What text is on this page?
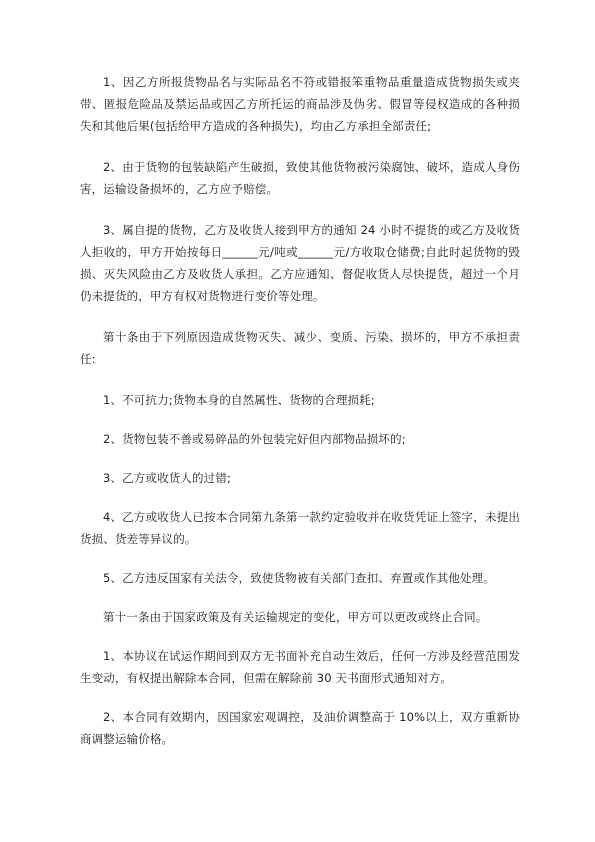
1、因乙方所报货物品名与实际品名不符或错报笨重物品重量造成货物损失或夹带、匿报危险品及禁运品或因乙方所托运的商品涉及伪劣、假冒等侵权造成的各种损失和其他后果(包括给甲方造成的各种损失)，均由乙方承担全部责任;

2、由于货物的包装缺陷产生破损，致使其他货物被污染腐蚀、破坏，造成人身伤害，运输设备损坏的，乙方应予赔偿。

3、属自提的货物，乙方及收货人接到甲方的通知 24 小时不提货的或乙方及收货人拒收的，甲方开始按每日______元/吨或______元/方收取仓储费;自此时起货物的毁损、灭失风险由乙方及收货人承担。乙方应通知、督促收货人尽快提货，超过一个月仍未提货的，甲方有权对货物进行变价等处理。

第十条由于下列原因造成货物灭失、减少、变质、污染、损坏的，甲方不承担责任:

1、不可抗力;货物本身的自然属性、货物的合理损耗;

2、货物包装不善或易碎品的外包装完好但内部物品损坏的;

3、乙方或收货人的过错;

4、乙方或收货人已按本合同第九条第一款约定验收并在收货凭证上签字，未提出货损、货差等异议的。

5、乙方违反国家有关法令，致使货物被有关部门查扣、弃置或作其他处理。

第十一条由于国家政策及有关运输规定的变化，甲方可以更改或终止合同。

1、本协议在试运作期间到双方无书面补充自动生效后，任何一方涉及经营范围发生变动，有权提出解除本合同，但需在解除前 30 天书面形式通知对方。

2、本合同有效期内，因国家宏观调控，及油价调整高于 10%以上，双方重新协商调整运输价格。
